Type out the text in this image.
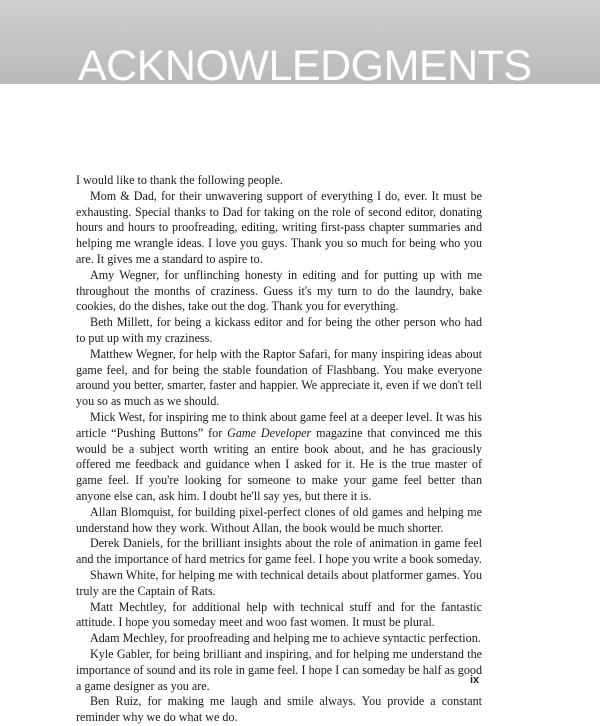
ACKNOWLEDGMENTS

I would like to thank the following people.

Mom & Dad, for their unwavering support of everything I do, ever. It must be exhausting. Special thanks to Dad for taking on the role of second editor, donating hours and hours to proofreading, editing, writing first-pass chapter summaries and helping me wrangle ideas. I love you guys. Thank you so much for being who you are. It gives me a standard to aspire to.

Amy Wegner, for unflinching honesty in editing and for putting up with me throughout the months of craziness. Guess it's my turn to do the laundry, bake cookies, do the dishes, take out the dog. Thank you for everything.

Beth Millett, for being a kickass editor and for being the other person who had to put up with my craziness.

Matthew Wegner, for help with the Raptor Safari, for many inspiring ideas about game feel, and for being the stable foundation of Flashbang. You make everyone around you better, smarter, faster and happier. We appreciate it, even if we don't tell you so as much as we should.

Mick West, for inspiring me to think about game feel at a deeper level. It was his article “Pushing Buttons” for Game Developer magazine that convinced me this would be a subject worth writing an entire book about, and he has graciously offered me feedback and guidance when I asked for it. He is the true master of game feel. If you're looking for someone to make your game feel better than anyone else can, ask him. I doubt he'll say yes, but there it is.

Allan Blomquist, for building pixel-perfect clones of old games and helping me understand how they work. Without Allan, the book would be much shorter.

Derek Daniels, for the brilliant insights about the role of animation in game feel and the importance of hard metrics for game feel. I hope you write a book someday.

Shawn White, for helping me with technical details about platformer games. You truly are the Captain of Rats.

Matt Mechtley, for additional help with technical stuff and for the fantastic attitude. I hope you someday meet and woo fast women. It must be plural.

Adam Mechley, for proofreading and helping me to achieve syntactic perfection.

Kyle Gabler, for being brilliant and inspiring, and for helping me understand the importance of sound and its role in game feel. I hope I can someday be half as good a game designer as you are.

Ben Ruiz, for making me laugh and smile always. You provide a constant reminder why we do what we do.

ix
